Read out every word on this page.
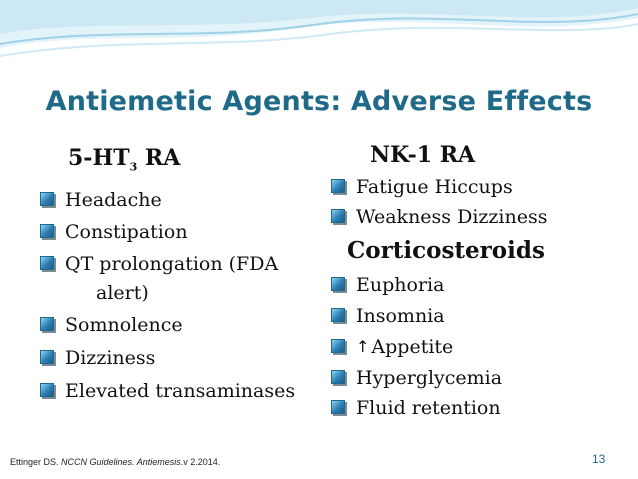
Antiemetic Agents: Adverse Effects
$5-HT_3$ RA
Headache
Constipation
QT prolongation (FDA
alert)
Somnolence
Dizziness
Elevated transaminases
NK-1 RA
Fatigue Hiccups
Weakness Dizziness
Corticosteroids
Euphoria
Insomnia
↑ Appetite
Hyperglycemia
Fluid retention
Ettinger DS. NCCN Guidelines. Antiemesis.v 2.2014.	13
